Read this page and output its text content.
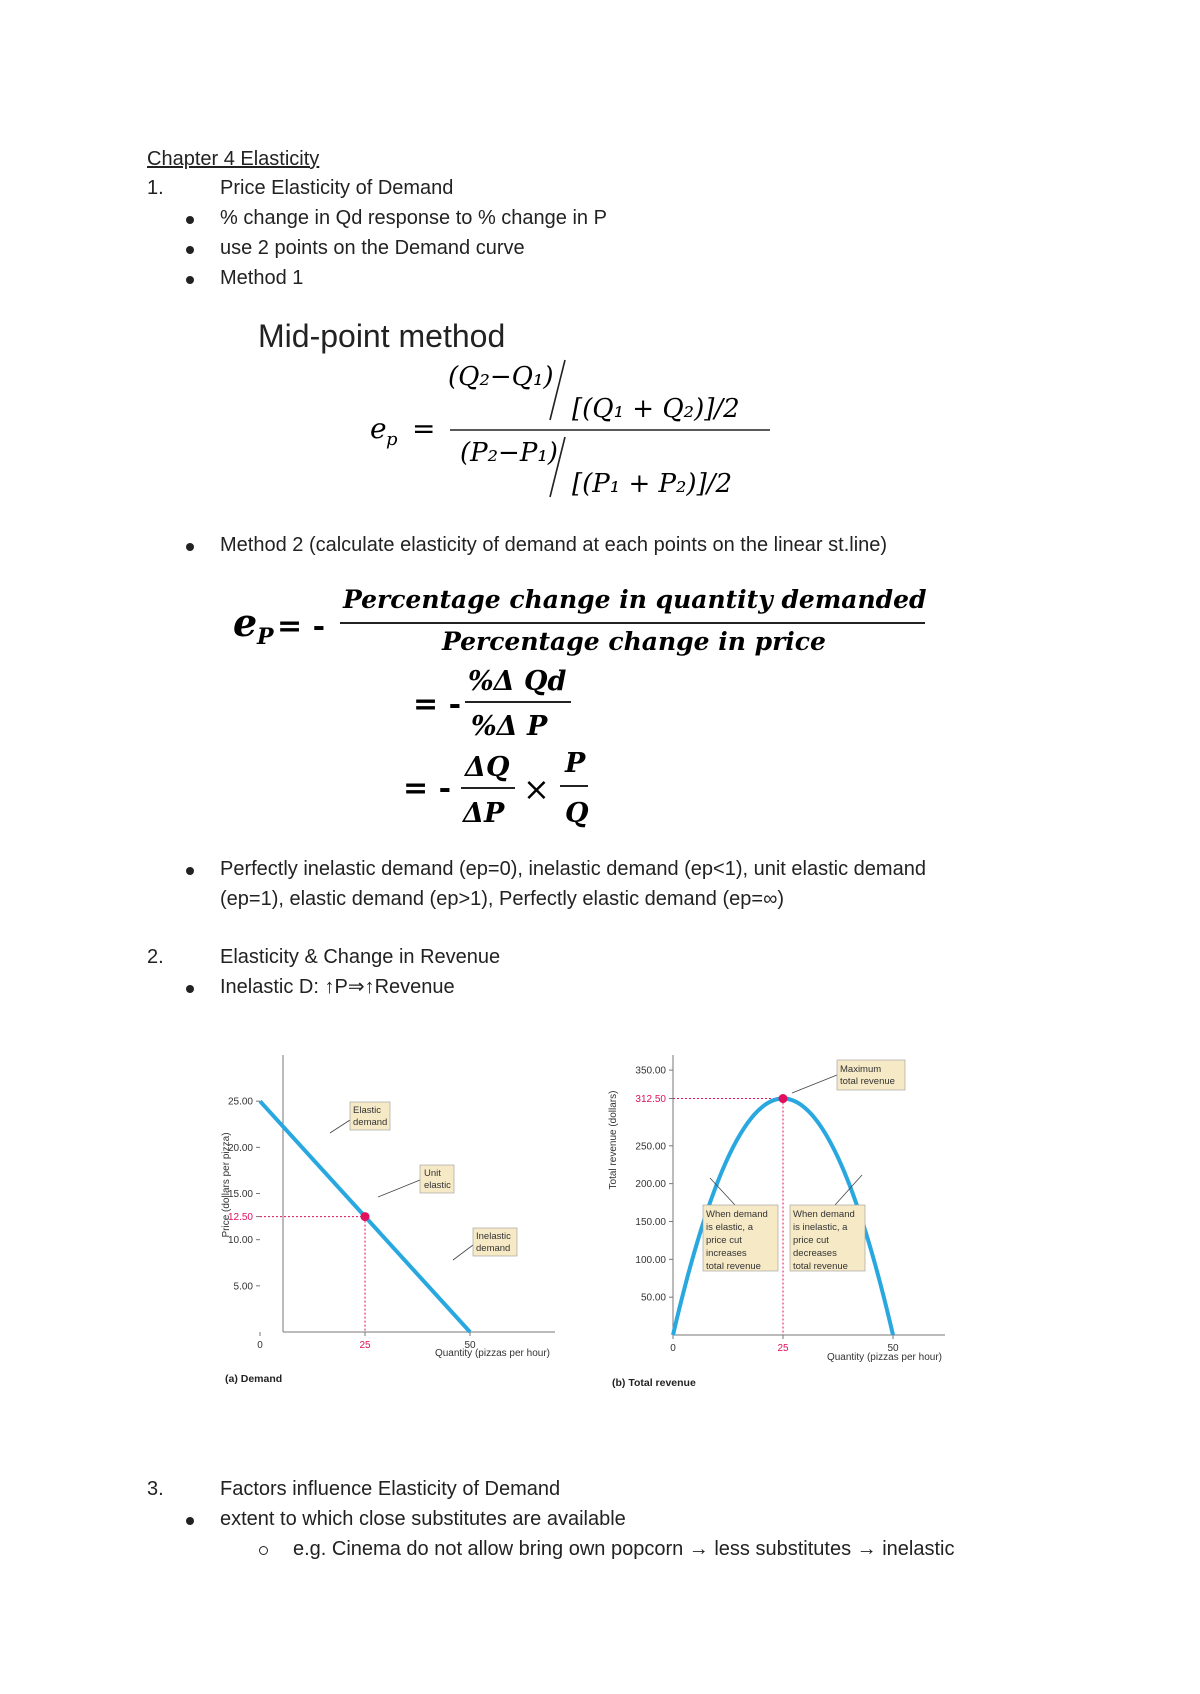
Chapter 4 Elasticity
1.	Price Elasticity of Demand
% change in Qd response to % change in P
use 2 points on the Demand curve
Method 1
Mid-point method
e p =
(Q₂−Q₁)
[(Q₁ + Q₂)]/2
(P₂−P₁)
[(P₁ + P₂)]/2
Method 2 (calculate elasticity of demand at each points on the linear st.line)
e P = -
Percentage change in quantity demanded
Percentage change in price
= -
%Δ Qd
%Δ P
= -
ΔQ
ΔP
×
P
Q
Perfectly inelastic demand (ep=0), inelastic demand (ep<1), unit elastic demand
(ep=1), elastic demand (ep>1), Perfectly elastic demand (ep=∞)
2.	Elasticity & Change in Revenue
Inelastic D: ↑P⇒↑Revenue
Price (dollars per pizza)
5.00
10.00
12.50
15.00
20.00
25.00
0	25	50
Elastic demand
Unit elastic
Inelastic demand
Quantity (pizzas per hour)
(a) Demand
Total revenue (dollars)
50.00
100.00
150.00
200.00
250.00
312.50
350.00
0	25	50
Maximum total revenue
When demand is elastic, a price cut increases total revenue
When demand is inelastic, a price cut decreases total revenue
Quantity (pizzas per hour)
(b) Total revenue
3.	Factors influence Elasticity of Demand
extent to which close substitutes are available
e.g. Cinema do not allow bring own popcorn → less substitutes → inelastic
